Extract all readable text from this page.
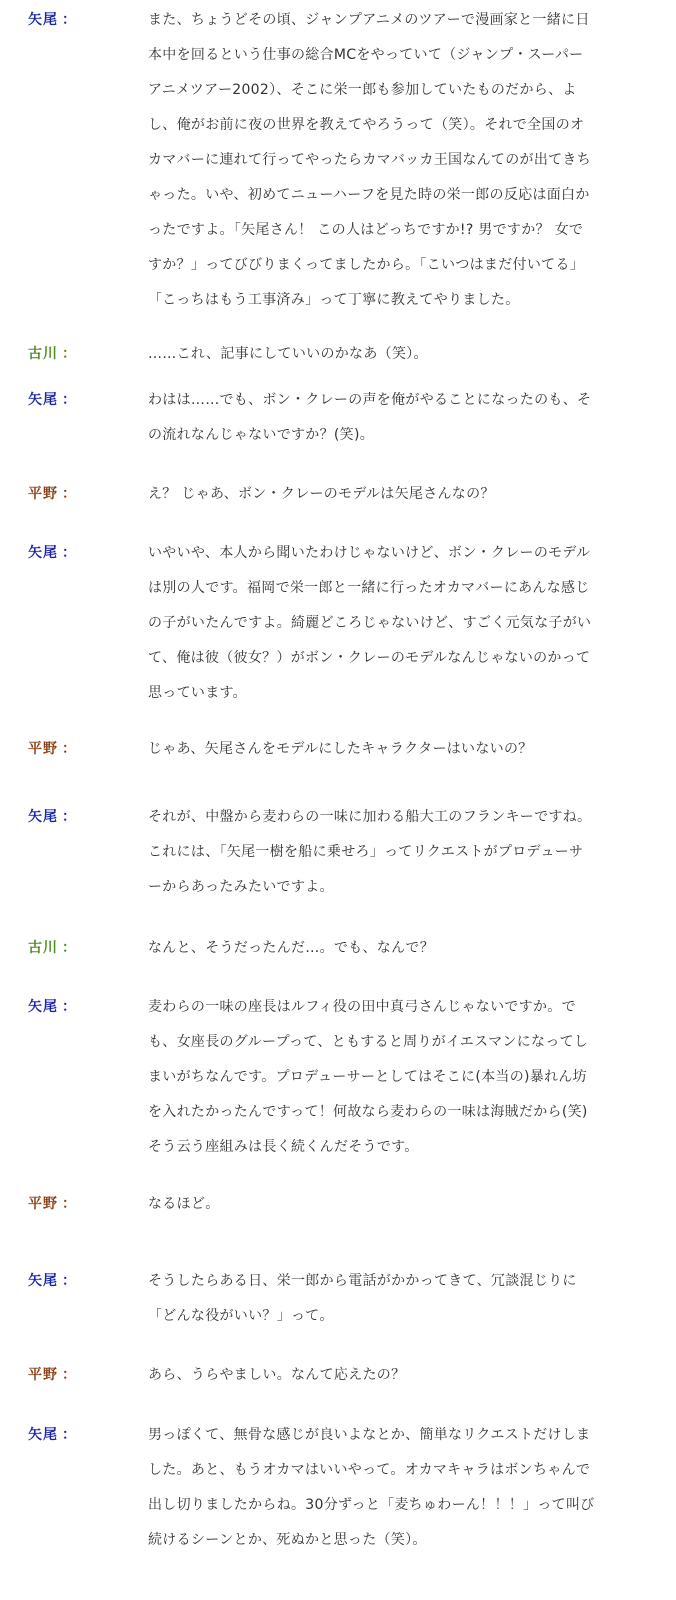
矢尾 ：	また、ちょうどその頃、ジャンプアニメのツアーで漫画家と一緒に日
本中を回るという仕事の総合MCをやっていて（ジャンプ・スーパー
アニメツアー2002）、そこに栄一郎も参加していたものだから、よ
し、俺がお前に夜の世界を教えてやろうって（笑）。それで全国のオ
カマバーに連れて行ってやったらカマバッカ王国なんてのが出てきち
ゃった。いや、初めてニューハーフを見た時の栄一郎の反応は面白か
ったですよ。「矢尾さん！ この人はどっちですか!? 男ですか？ 女で
すか？」ってびびりまくってましたから。「こいつはまだ付いてる」
「こっちはもう工事済み」って丁寧に教えてやりました。
古川 ：	……これ、記事にしていいのかなあ（笑）。
矢尾 ：	わはは……でも、ボン・クレーの声を俺がやることになったのも、そ
の流れなんじゃないですか？(笑)。
平野 ：	え？ じゃあ、ボン・クレーのモデルは矢尾さんなの？
矢尾 ：	いやいや、本人から聞いたわけじゃないけど、ボン・クレーのモデル
は別の人です。福岡で栄一郎と一緒に行ったオカマバーにあんな感じ
の子がいたんですよ。綺麗どころじゃないけど、すごく元気な子がい
て、俺は彼（彼女？）がボン・クレーのモデルなんじゃないのかって
思っています。
平野 ：	じゃあ、矢尾さんをモデルにしたキャラクターはいないの？
矢尾 ：	それが、中盤から麦わらの一味に加わる船大工のフランキーですね。
これには、「矢尾一樹を船に乗せろ」ってリクエストがプロデューサ
ーからあったみたいですよ。
古川 ：	なんと、そうだったんだ…。でも、なんで？
矢尾 ：	麦わらの一味の座長はルフィ役の田中真弓さんじゃないですか。で
も、女座長のグループって、ともすると周りがイエスマンになってし
まいがちなんです。プロデューサーとしてはそこに(本当の)暴れん坊
を入れたかったんですって！何故なら麦わらの一味は海賊だから(笑)
そう云う座組みは長く続くんだそうです。
平野 ：	なるほど。
矢尾 ：	そうしたらある日、栄一郎から電話がかかってきて、冗談混じりに
「どんな役がいい？」って。
平野 ：	あら、うらやましい。なんて応えたの？
矢尾 ：	男っぽくて、無骨な感じが良いよなとか、簡単なリクエストだけしま
した。あと、もうオカマはいいやって。オカマキャラはボンちゃんで
出し切りましたからね。30分ずっと「麦ちゅわーん！！！」って叫び
続けるシーンとか、死ぬかと思った（笑）。
